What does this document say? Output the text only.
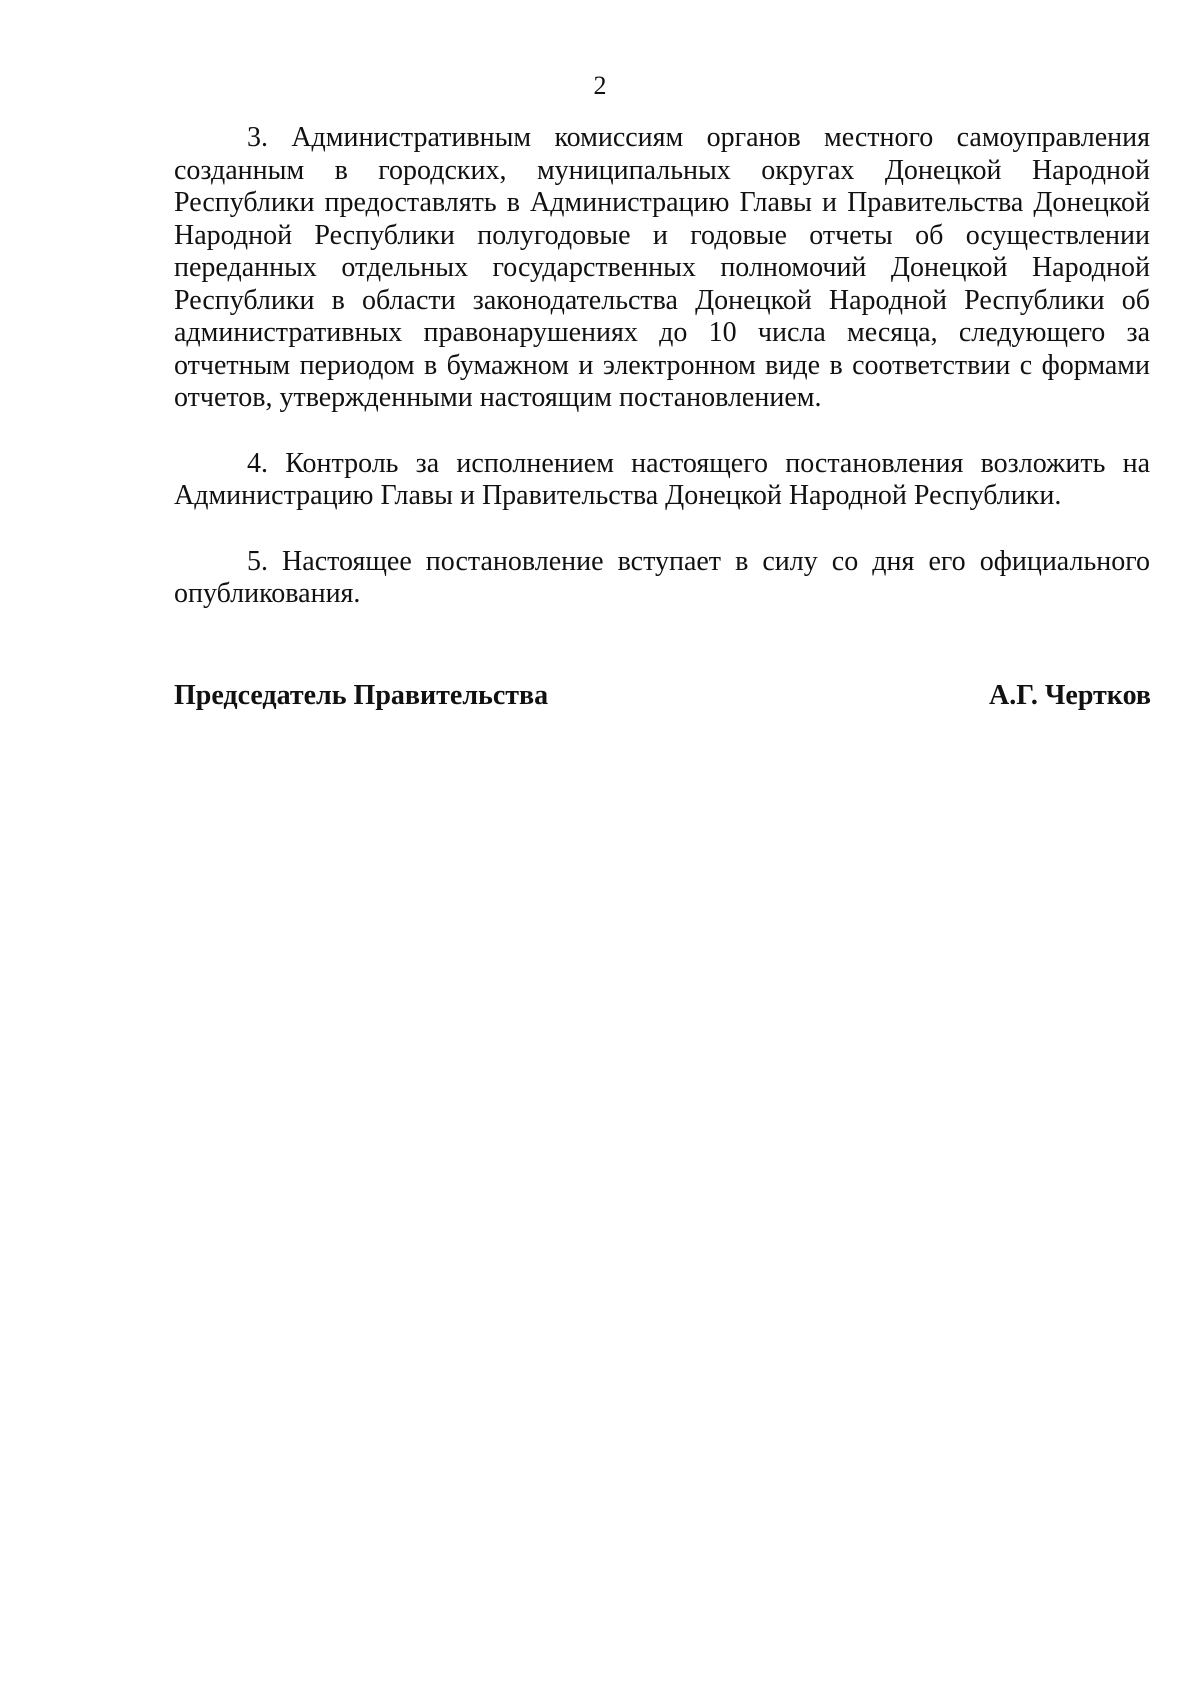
2

3. Административным комиссиям органов местного самоуправления созданным в городских, муниципальных округах Донецкой Народной Республики предоставлять в Администрацию Главы и Правительства Донецкой Народной Республики полугодовые и годовые отчеты об осуществлении переданных отдельных государственных полномочий Донецкой Народной Республики в области законодательства Донецкой Народной Республики об административных правонарушениях до 10 числа месяца, следующего за отчетным периодом в бумажном и электронном виде в соответствии с формами отчетов, утвержденными настоящим постановлением.

4. Контроль за исполнением настоящего постановления возложить на Администрацию Главы и Правительства Донецкой Народной Республики.

5. Настоящее постановление вступает в силу со дня его официального опубликования.

Председатель Правительства	А.Г. Чертков
